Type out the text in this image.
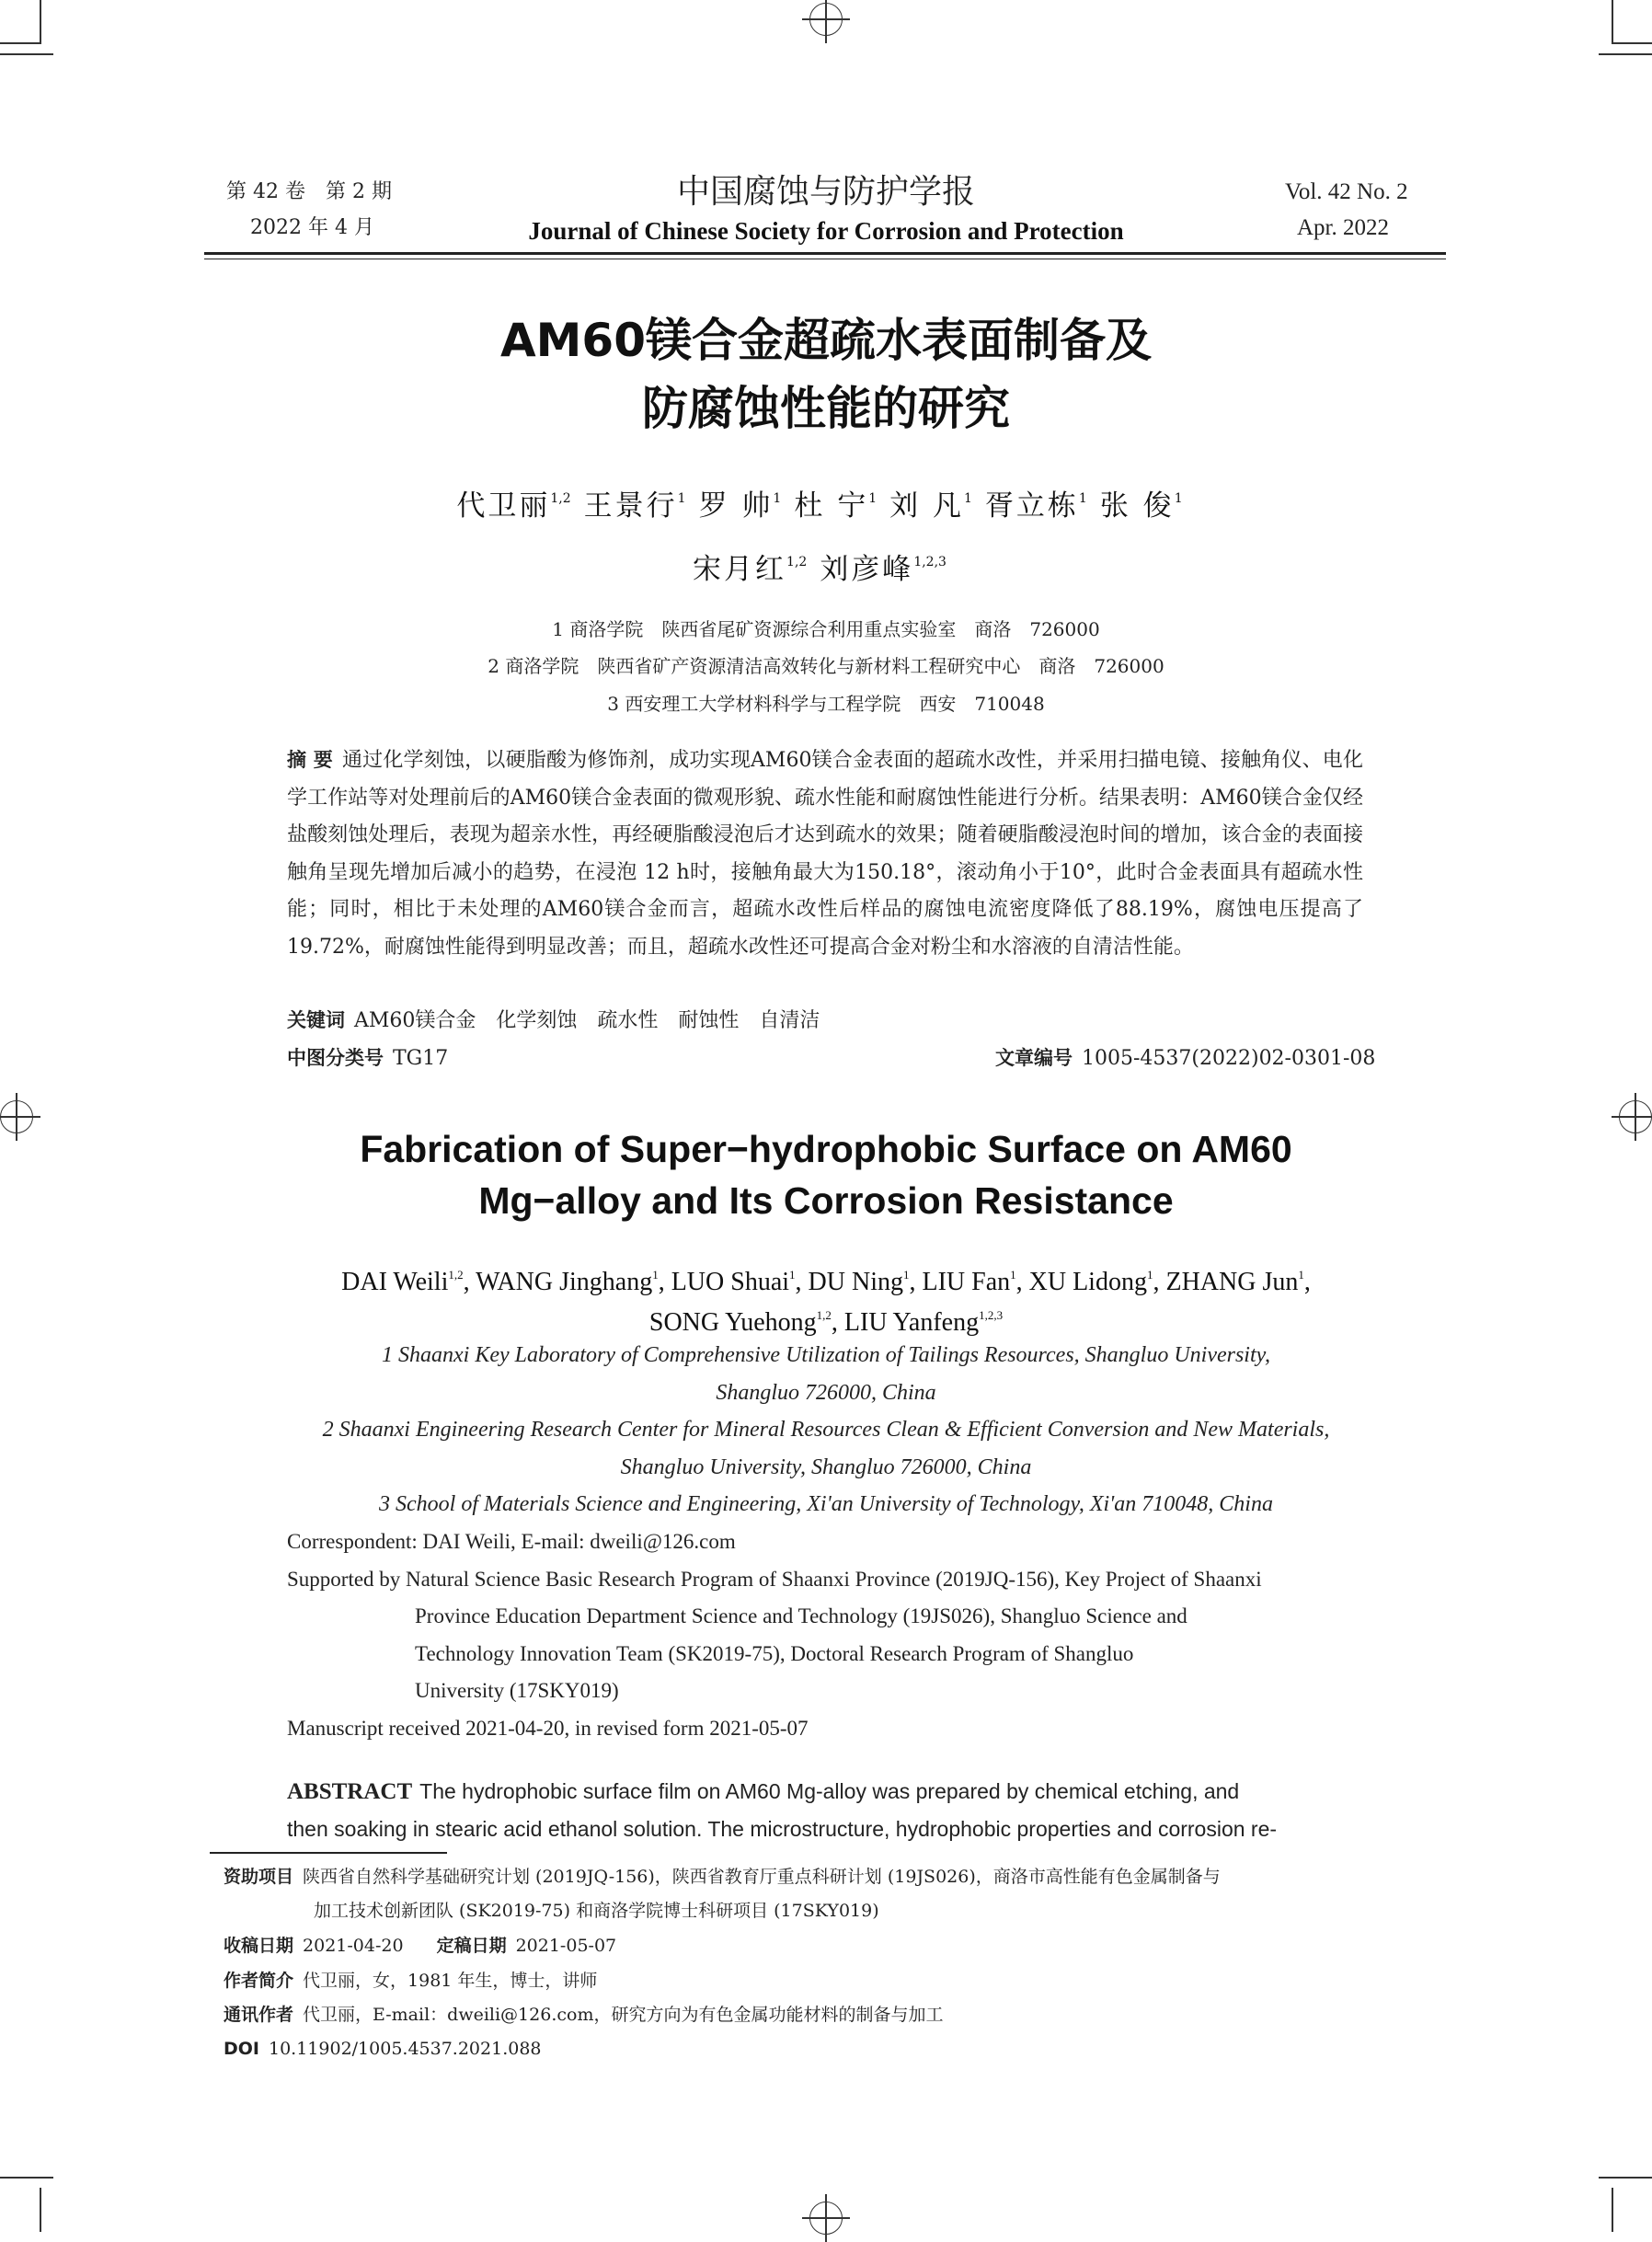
第 42 卷　第 2 期
2022 年 4 月
中国腐蚀与防护学报
Journal of Chinese Society for Corrosion and Protection
Vol. 42 No. 2
Apr. 2022
AM60镁合金超疏水表面制备及
防腐蚀性能的研究
代卫丽$^{1,2}$ 王景行$^1$ 罗 帅$^1$ 杜 宁$^1$ 刘 凡$^1$ 胥立栋$^1$ 张 俊$^1$
宋月红$^{1,2}$ 刘彦峰$^{1,2,3}$
1 商洛学院　陕西省尾矿资源综合利用重点实验室　商洛　726000
2 商洛学院　陕西省矿产资源清洁高效转化与新材料工程研究中心　商洛　726000
3 西安理工大学材料科学与工程学院　西安　710048
摘 要 通过化学刻蚀，以硬脂酸为修饰剂，成功实现AM60镁合金表面的超疏水改性，并采用扫描电镜、接触角仪、电化学工作站等对处理前后的AM60镁合金表面的微观形貌、疏水性能和耐腐蚀性能进行分析。结果表明：AM60镁合金仅经盐酸刻蚀处理后，表现为超亲水性，再经硬脂酸浸泡后才达到疏水的效果；随着硬脂酸浸泡时间的增加，该合金的表面接触角呈现先增加后减小的趋势，在浸泡 12 h时，接触角最大为150.18°，滚动角小于10°，此时合金表面具有超疏水性能；同时，相比于未处理的AM60镁合金而言，超疏水改性后样品的腐蚀电流密度降低了88.19%，腐蚀电压提高了19.72%，耐腐蚀性能得到明显改善；而且，超疏水改性还可提高合金对粉尘和水溶液的自清洁性能。
关键词 AM60镁合金　化学刻蚀　疏水性　耐蚀性　自清洁
中图分类号 TG17	文章编号 1005-4537(2022)02-0301-08
Fabrication of Super−hydrophobic Surface on AM60
Mg−alloy and Its Corrosion Resistance
DAI Weili$^{1,2}$, WANG Jinghang$^1$, LUO Shuai$^1$, DU Ning$^1$, LIU Fan$^1$, XU Lidong$^1$, ZHANG Jun$^1$,
SONG Yuehong$^{1,2}$, LIU Yanfeng$^{1,2,3}$
1 Shaanxi Key Laboratory of Comprehensive Utilization of Tailings Resources, Shangluo University,
Shangluo 726000, China
2 Shaanxi Engineering Research Center for Mineral Resources Clean & Efficient Conversion and New Materials,
Shangluo University, Shangluo 726000, China
3 School of Materials Science and Engineering, Xi'an University of Technology, Xi'an 710048, China
Correspondent: DAI Weili, E-mail: dweili@126.com
Supported by Natural Science Basic Research Program of Shaanxi Province (2019JQ-156), Key Project of Shaanxi
Province Education Department Science and Technology (19JS026), Shangluo Science and
Technology Innovation Team (SK2019-75), Doctoral Research Program of Shangluo
University (17SKY019)
Manuscript received 2021-04-20, in revised form 2021-05-07
ABSTRACT The hydrophobic surface film on AM60 Mg-alloy was prepared by chemical etching, and
then soaking in stearic acid ethanol solution. The microstructure, hydrophobic properties and corrosion re-
资助项目 陕西省自然科学基础研究计划 (2019JQ-156)，陕西省教育厅重点科研计划 (19JS026)，商洛市高性能有色金属制备与
加工技术创新团队 (SK2019-75) 和商洛学院博士科研项目 (17SKY019)
收稿日期 2021-04-20 定稿日期 2021-05-07
作者简介 代卫丽，女，1981 年生，博士，讲师
通讯作者 代卫丽，E-mail：dweili@126.com，研究方向为有色金属功能材料的制备与加工
DOI 10.11902/1005.4537.2021.088
